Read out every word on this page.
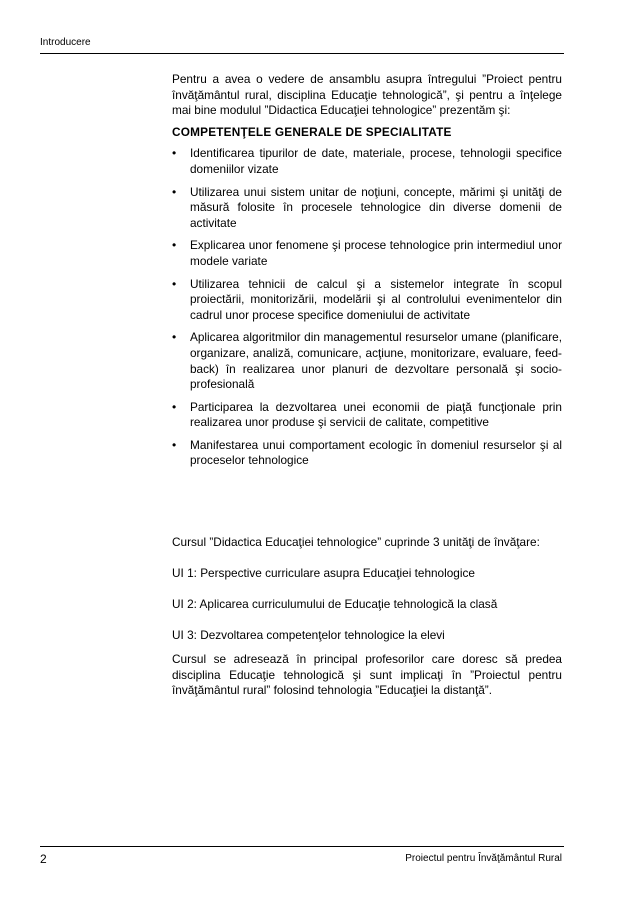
Introducere

Pentru a avea o vedere de ansamblu asupra întregului ”Proiect pentru învăţământul rural, disciplina Educaţie tehnologică”, şi pentru a înţelege mai bine modulul ”Didactica Educaţiei tehnologice” prezentăm şi:

COMPETENŢELE GENERALE DE SPECIALITATE

•	Identificarea tipurilor de date, materiale, procese, tehnologii specifice domeniilor vizate
•	Utilizarea unui sistem unitar de noţiuni, concepte, mărimi şi unităţi de măsură folosite în procesele tehnologice din diverse domenii de activitate
•	Explicarea unor fenomene şi procese tehnologice prin intermediul unor modele variate
•	Utilizarea tehnicii de calcul şi a sistemelor integrate în scopul proiectării, monitorizării, modelării şi al controlului evenimentelor din cadrul unor procese specifice domeniului de activitate
•	Aplicarea algoritmilor din managementul resurselor umane (planificare, organizare, analiză, comunicare, acţiune, monitorizare, evaluare, feed-back) în realizarea unor planuri de dezvoltare personală şi socio-profesională
•	Participarea la dezvoltarea unei economii de piaţă funcţionale prin realizarea unor produse şi servicii de calitate, competitive
•	Manifestarea unui comportament ecologic în domeniul resurselor şi al proceselor tehnologice

Cursul ”Didactica Educaţiei tehnologice” cuprinde 3 unităţi de învăţare:

UI 1: Perspective curriculare asupra Educaţiei tehnologice

UI 2: Aplicarea curriculumului de Educaţie tehnologică la clasă

UI 3: Dezvoltarea competenţelor tehnologice la elevi

Cursul se adresează în principal profesorilor care doresc să predea disciplina Educaţie tehnologică şi sunt implicaţi în ”Proiectul pentru învăţământul rural” folosind tehnologia ”Educaţiei la distanţă”.

2	Proiectul pentru Învăţământul Rural
